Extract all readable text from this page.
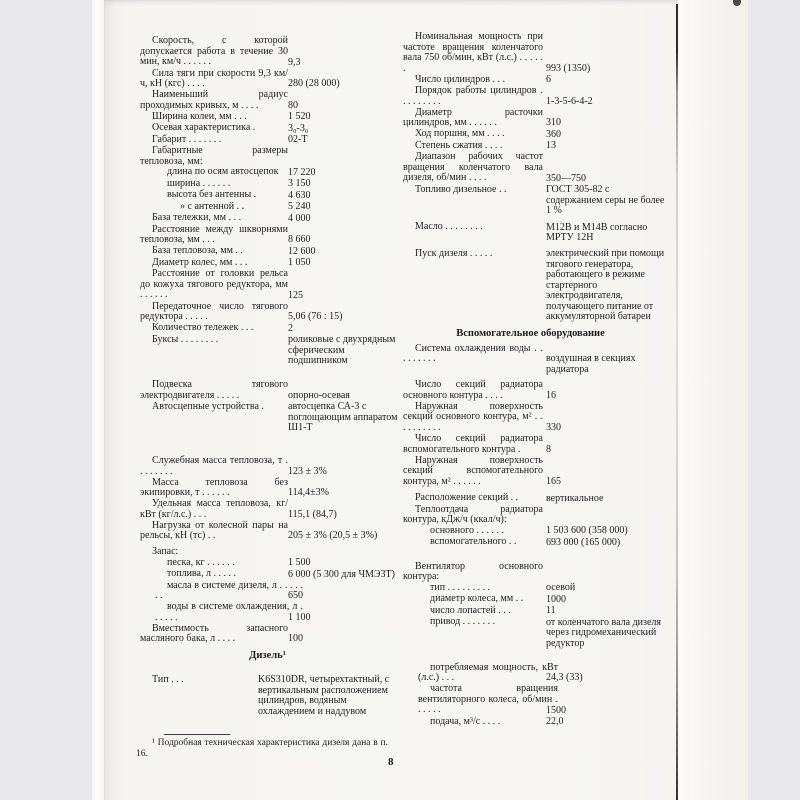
Скорость, с которой допускается работа в течение 30 мин, км/ч . . . . . .	9,3
Сила тяги при скорости 9,3 км/ч, кН (кгс) . . . .	280 (28 000)
Наименьший радиус проходимых кривых, м . . . .	80
Ширина колеи, мм . . .	1 520
Осевая характеристика .	3₀-3₀
Габарит . . . . . . .	02-Т
Габаритные размеры тепловоза, мм:
длина по осям автосцепок 17 220
ширина . . . . . .	3 150
высота без антенны .	4 630
» с антенной . .	5 240
База тележки, мм . . .	4 000
Расстояние между шкворнями тепловоза, мм . . .	8 660
База тепловоза, мм . .	12 600
Диаметр колес, мм . . .	1 050
Расстояние от головки рельса до кожуха тягового редуктора, мм . . . . . .	125
Передаточное число тягового редуктора . . . . .	5,06 (76 : 15)
Количество тележек . . .	2
Буксы . . . . . . . .	роликовые с двухрядным сферическим подшипником
Подвеска тягового электродвигателя . . . . .	опорно-осевая
Автосцепные устройства .	автосцепка СА-3 с поглощающим аппаратом Ш1-Т
Служебная масса тепловоза, т . . . . . . . .	123 ± 3%
Масса тепловоза без экипировки, т . . . . . .	114,4±3%
Удельная масса тепловоза, кг/кВт (кг/л.с.) . . .	115,1 (84,7)
Нагрузка от колесной пары на рельсы, кН (тс) . .	205 ± 3% (20,5 ± 3%)
Запас:
песка, кг . . . . . .	1 500
топлива, л . . . . .	6 000 (5 300 для ЧМЭ3Т)
масла в системе дизеля, л . . . . . . .	650
воды в системе охлаждения, л . . . . . .	1 100
Вместимость запасного масляного бака, л . . . .	100
Дизель¹
Тип . . .	K6S310DR, четырехтактный, с вертикальным расположением цилиндров, водяным охлаждением и наддувом
Номинальная мощность при частоте вращения коленчатого вала 750 об/мин, кВт (л.с.) . . . . . .	993 (1350)
Число цилиндров . . .	6
Порядок работы цилиндров . . . . . . . . .	1-3-5-6-4-2
Диаметр расточки цилиндров, мм . . . . . .	310
Ход поршня, мм . . . .	360
Степень сжатия . . . .	13
Диапазон рабочих частот вращения коленчатого вала дизеля, об/мин . . . .	350—750
Топливо дизельное . .	ГОСТ 305-82 с содержанием серы не более 1 %
Масло . . . . . . . .	М12В и М14В согласно МРТУ 12Н
Пуск дизеля . . . . .	электрический при помощи тягового генератора, работающего в режиме стартерного электродвигателя, получающего питание от аккумуляторной батареи
Вспомогательное оборудование
Система охлаждения воды . . . . . . . . .	воздушная в секциях радиатора
Число секций радиатора основного контура . . . .	16
Наружная поверхность секций основного контура, м² . . . . . . . . . .	330
Число секций радиатора вспомогательного контура .	8
Наружная поверхность секций вспомогательного контура, м² . . . . . .	165
Расположение секций . .	вертикальное
Теплоотдача радиатора контура, кДж/ч (ккал/ч):
основного . . . . . .	1 503 600 (358 000)
вспомогательного . .	693 000 (165 000)
Вентилятор основного контура:
тип . . . . . . . . .	осевой
диаметр колеса, мм . .	1000
число лопастей . . .	11
привод . . . . . . .	от коленчатого вала дизеля через гидромеханический редуктор
потребляемая мощность, кВт (л.с.) . . .	24,3 (33)
частота вращения вентиляторного колеса, об/мин . . . . . .	1500
подача, м³/с . . . .	22,0
¹ Подробная техническая характеристика дизеля дана в п. 16.
8
